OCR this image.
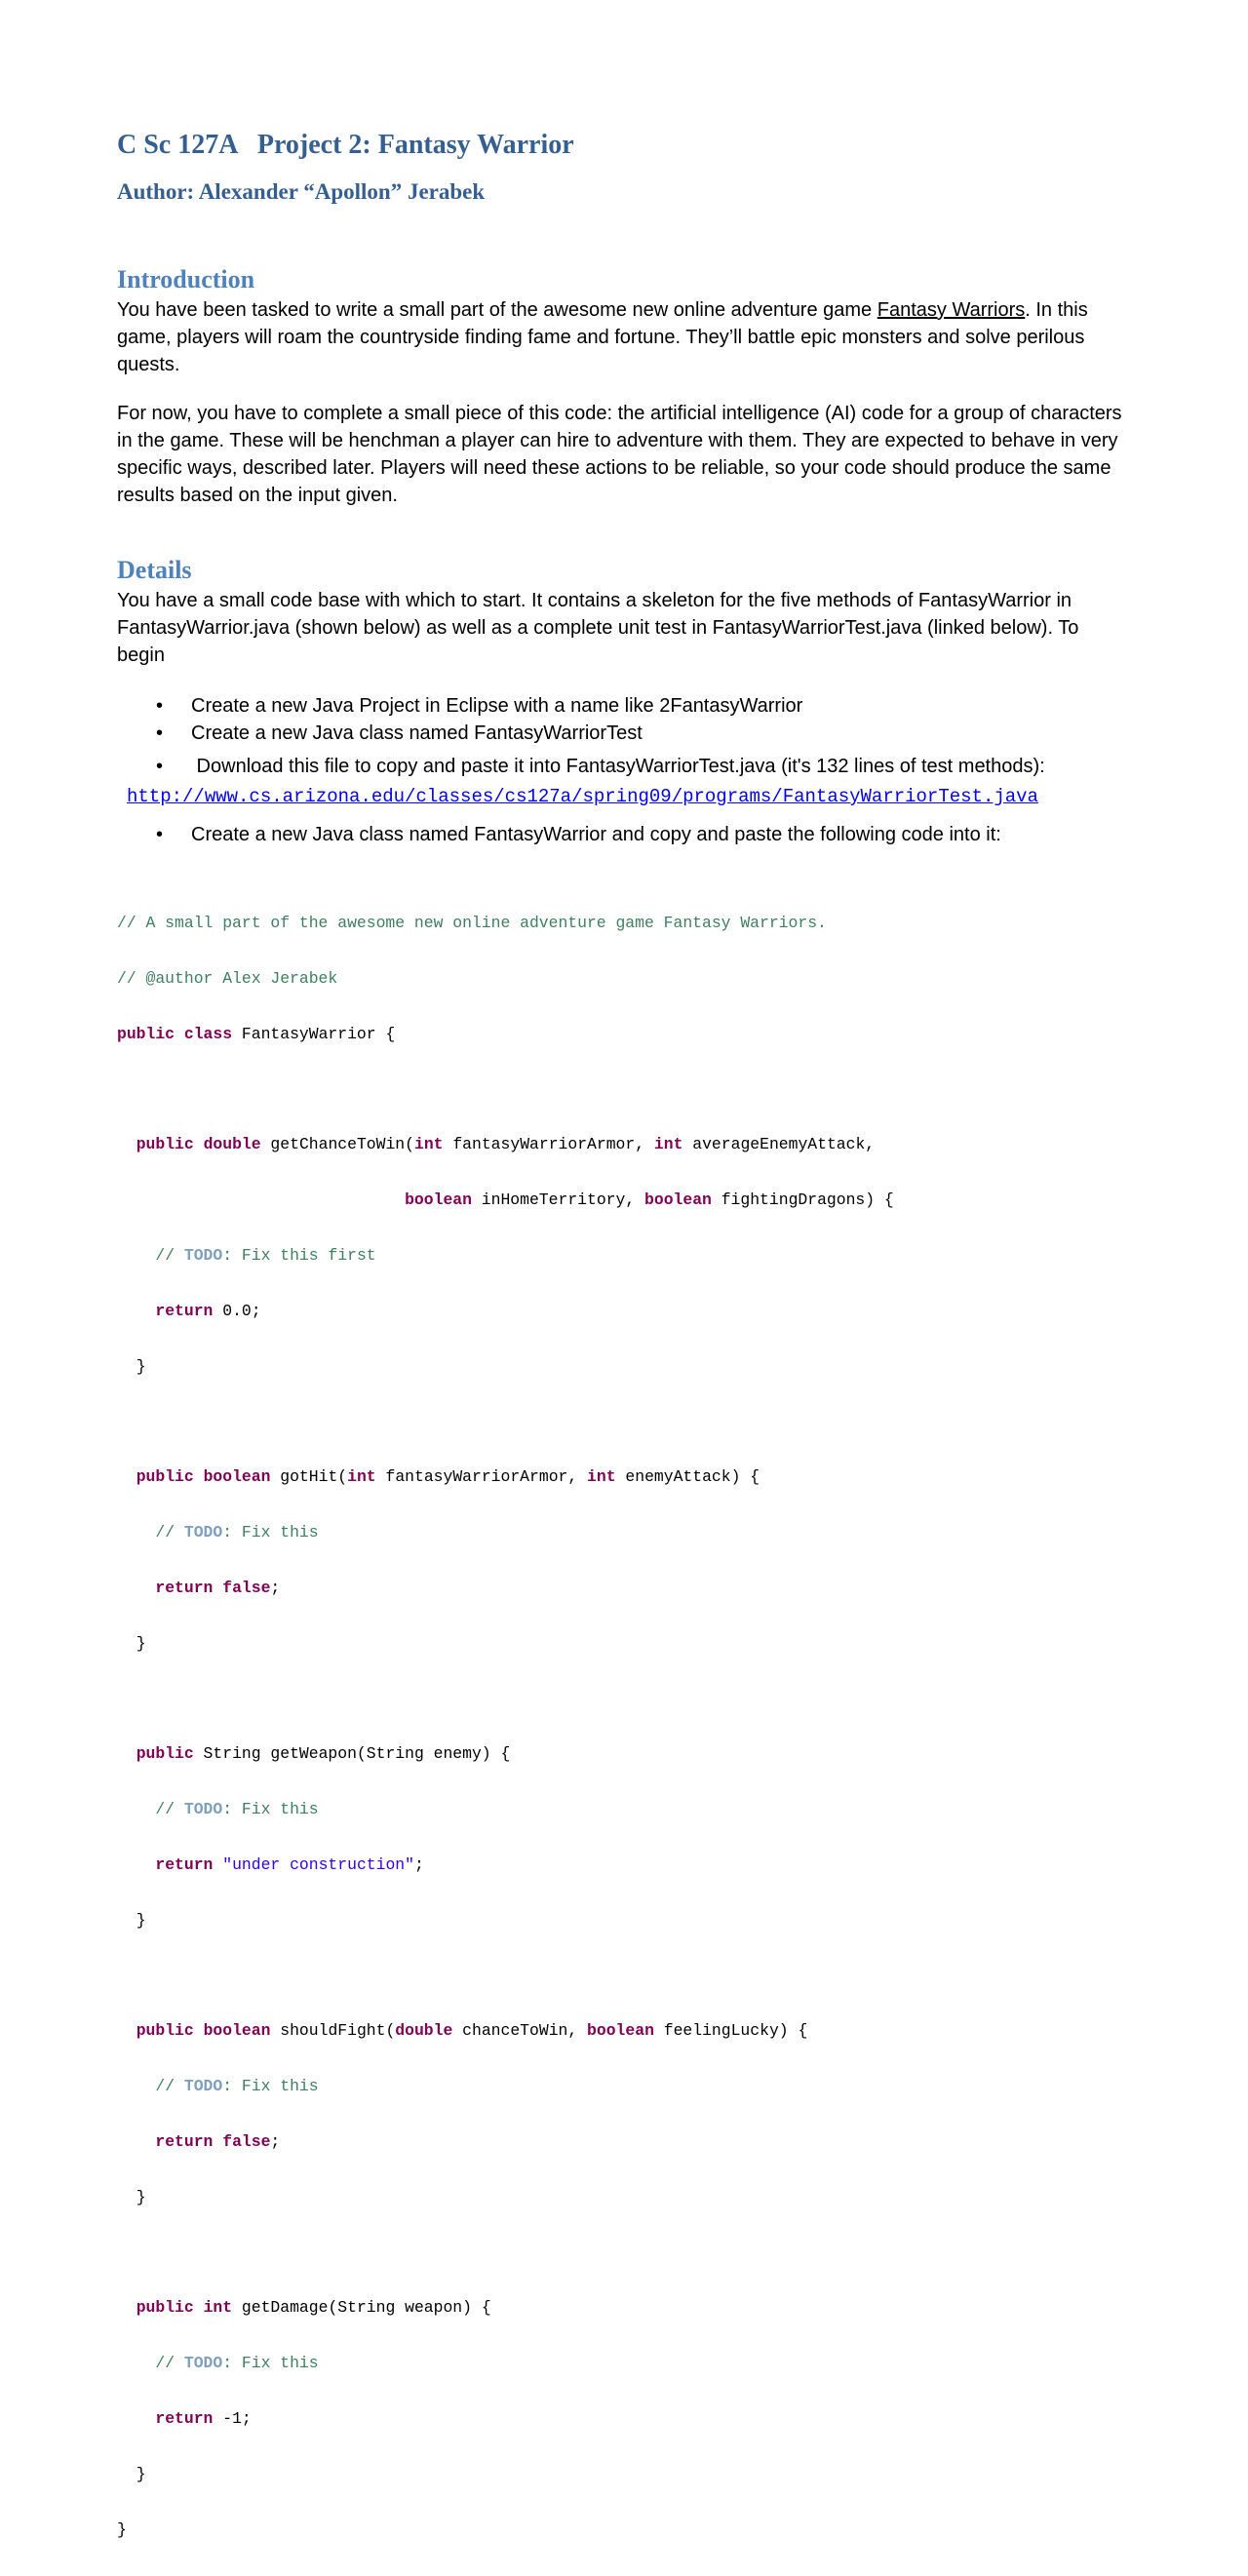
C Sc 127A   Project 2: Fantasy Warrior
Author: Alexander “Apollon” Jerabek
Introduction
You have been tasked to write a small part of the awesome new online adventure game Fantasy Warriors. In this game, players will roam the countryside finding fame and fortune. They’ll battle epic monsters and solve perilous quests.
For now, you have to complete a small piece of this code: the artificial intelligence (AI) code for a group of characters in the game. These will be henchman a player can hire to adventure with them. They are expected to behave in very specific ways, described later. Players will need these actions to be reliable, so your code should produce the same results based on the input given.
Details
You have a small code base with which to start. It contains a skeleton for the five methods of FantasyWarrior in FantasyWarrior.java (shown below) as well as a complete unit test in FantasyWarriorTest.java (linked below). To begin
• Create a new Java Project in Eclipse with a name like 2FantasyWarrior
• Create a new Java class named FantasyWarriorTest
• Download this file to copy and paste it into FantasyWarriorTest.java (it's 132 lines of test methods):
http://www.cs.arizona.edu/classes/cs127a/spring09/programs/FantasyWarriorTest.java
• Create a new Java class named FantasyWarrior and copy and paste the following code into it:

// A small part of the awesome new online adventure game Fantasy Warriors.

// @author Alex Jerabek

public class FantasyWarrior {

public double getChanceToWin(int fantasyWarriorArmor, int averageEnemyAttack,

boolean inHomeTerritory, boolean fightingDragons) {

// TODO: Fix this first

return 0.0;

}

public boolean gotHit(int fantasyWarriorArmor, int enemyAttack) {

// TODO: Fix this

return false;

}

public String getWeapon(String enemy) {

// TODO: Fix this

return "under construction";

}

public boolean shouldFight(double chanceToWin, boolean feelingLucky) {

// TODO: Fix this

return false;

}

public int getDamage(String weapon) {

// TODO: Fix this

return -1;

}

}
